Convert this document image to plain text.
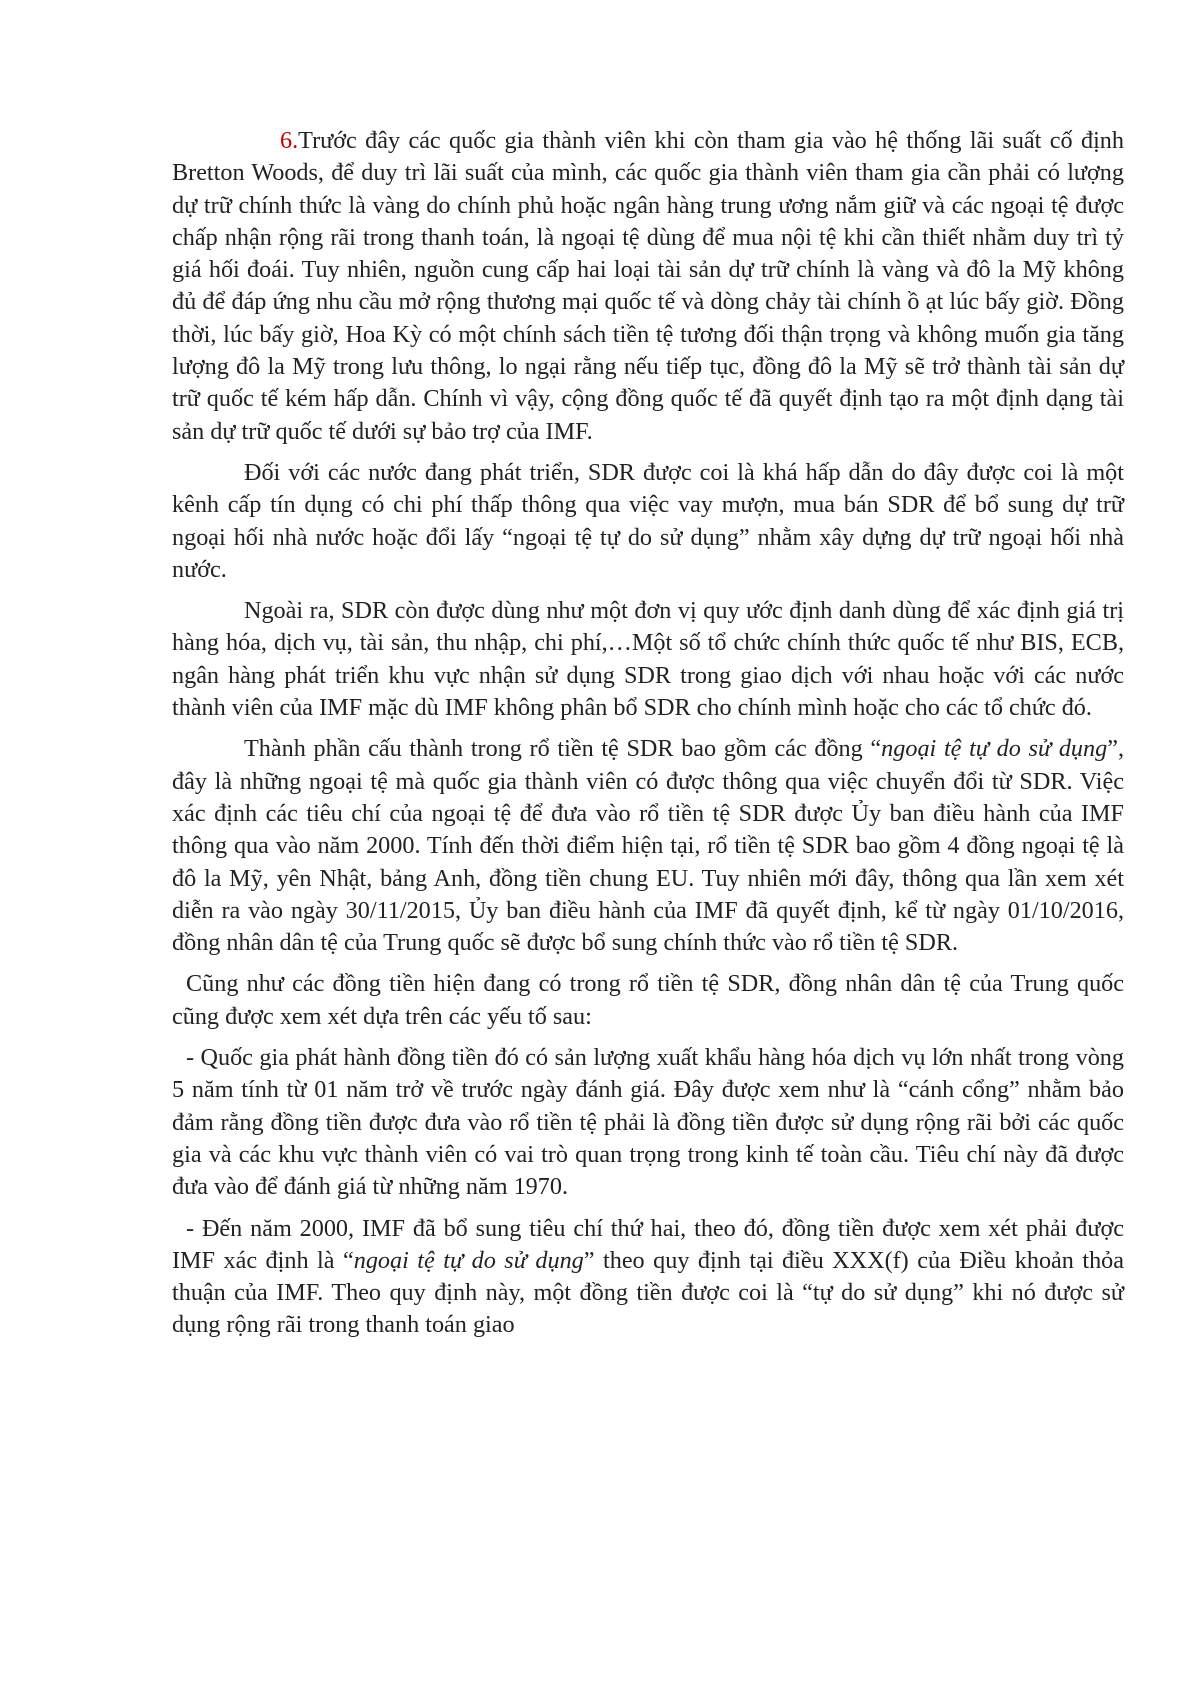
6.Trước đây các quốc gia thành viên khi còn tham gia vào hệ thống lãi suất cố định Bretton Woods, để duy trì lãi suất của mình, các quốc gia thành viên tham gia cần phải có lượng dự trữ chính thức là vàng do chính phủ hoặc ngân hàng trung ương nắm giữ và các ngoại tệ được chấp nhận rộng rãi trong thanh toán, là ngoại tệ dùng để mua nội tệ khi cần thiết nhằm duy trì tỷ giá hối đoái. Tuy nhiên, nguồn cung cấp hai loại tài sản dự trữ chính là vàng và đô la Mỹ không đủ để đáp ứng nhu cầu mở rộng thương mại quốc tế và dòng chảy tài chính ồ ạt lúc bấy giờ. Đồng thời, lúc bấy giờ, Hoa Kỳ có một chính sách tiền tệ tương đối thận trọng và không muốn gia tăng lượng đô la Mỹ trong lưu thông, lo ngại rằng nếu tiếp tục, đồng đô la Mỹ sẽ trở thành tài sản dự trữ quốc tế kém hấp dẫn. Chính vì vậy, cộng đồng quốc tế đã quyết định tạo ra một định dạng tài sản dự trữ quốc tế dưới sự bảo trợ của IMF.

Đối với các nước đang phát triển, SDR được coi là khá hấp dẫn do đây được coi là một kênh cấp tín dụng có chi phí thấp thông qua việc vay mượn, mua bán SDR để bổ sung dự trữ ngoại hối nhà nước hoặc đổi lấy “ngoại tệ tự do sử dụng” nhằm xây dựng dự trữ ngoại hối nhà nước.

Ngoài ra, SDR còn được dùng như một đơn vị quy ước định danh dùng để xác định giá trị hàng hóa, dịch vụ, tài sản, thu nhập, chi phí,…Một số tổ chức chính thức quốc tế như BIS, ECB, ngân hàng phát triển khu vực nhận sử dụng SDR trong giao dịch với nhau hoặc với các nước thành viên của IMF mặc dù IMF không phân bổ SDR cho chính mình hoặc cho các tổ chức đó.

Thành phần cấu thành trong rổ tiền tệ SDR bao gồm các đồng “ngoại tệ tự do sử dụng”, đây là những ngoại tệ mà quốc gia thành viên có được thông qua việc chuyển đổi từ SDR. Việc xác định các tiêu chí của ngoại tệ để đưa vào rổ tiền tệ SDR được Ủy ban điều hành của IMF thông qua vào năm 2000. Tính đến thời điểm hiện tại, rổ tiền tệ SDR bao gồm 4 đồng ngoại tệ là đô la Mỹ, yên Nhật, bảng Anh, đồng tiền chung EU. Tuy nhiên mới đây, thông qua lần xem xét diễn ra vào ngày 30/11/2015, Ủy ban điều hành của IMF đã quyết định, kể từ ngày 01/10/2016, đồng nhân dân tệ của Trung quốc sẽ được bổ sung chính thức vào rổ tiền tệ SDR.

Cũng như các đồng tiền hiện đang có trong rổ tiền tệ SDR, đồng nhân dân tệ của Trung quốc cũng được xem xét dựa trên các yếu tố sau:

- Quốc gia phát hành đồng tiền đó có sản lượng xuất khẩu hàng hóa dịch vụ lớn nhất trong vòng 5 năm tính từ 01 năm trở về trước ngày đánh giá. Đây được xem như là “cánh cổng” nhằm bảo đảm rằng đồng tiền được đưa vào rổ tiền tệ phải là đồng tiền được sử dụng rộng rãi bởi các quốc gia và các khu vực thành viên có vai trò quan trọng trong kinh tế toàn cầu. Tiêu chí này đã được đưa vào để đánh giá từ những năm 1970.

- Đến năm 2000, IMF đã bổ sung tiêu chí thứ hai, theo đó, đồng tiền được xem xét phải được IMF xác định là “ngoại tệ tự do sử dụng” theo quy định tại điều XXX(f) của Điều khoản thỏa thuận của IMF. Theo quy định này, một đồng tiền được coi là “tự do sử dụng” khi nó được sử dụng rộng rãi trong thanh toán giao
